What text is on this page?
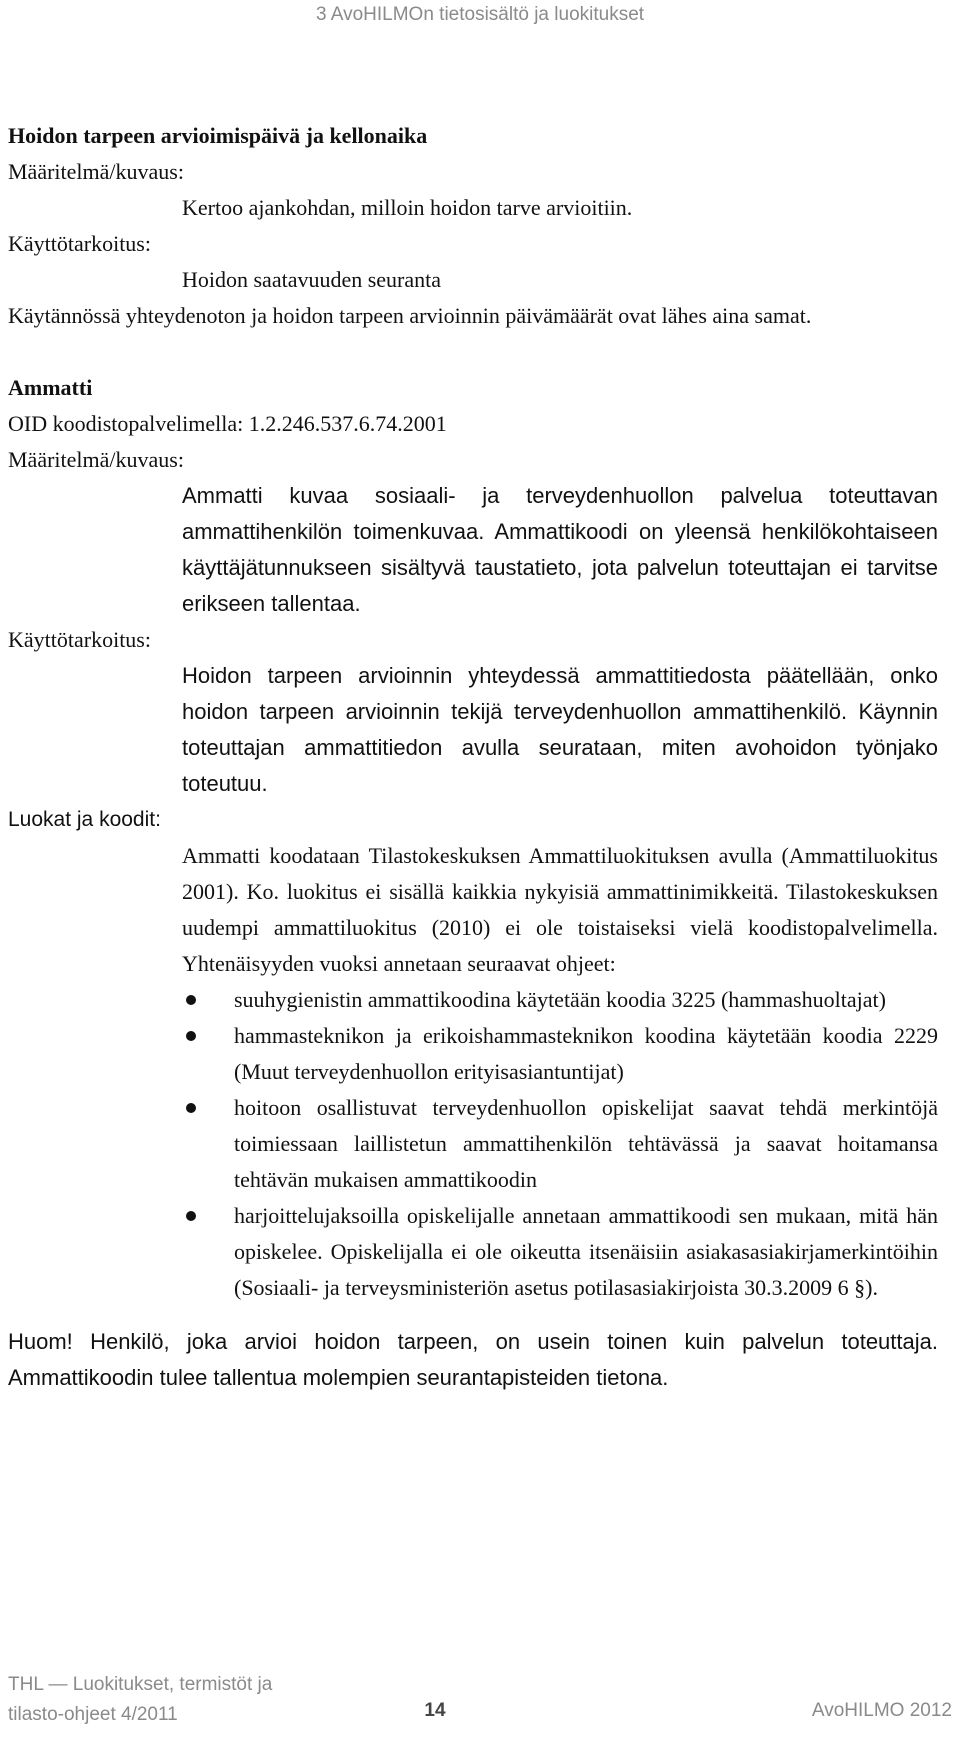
3 AvoHILMOn tietosisältö ja luokitukset

Hoidon tarpeen arvioimispäivä ja kellonaika

Määritelmä/kuvaus:

Kertoo ajankohdan, milloin hoidon tarve arvioitiin.

Käyttötarkoitus:

Hoidon saatavuuden seuranta

Käytännössä yhteydenoton ja hoidon tarpeen arvioinnin päivämäärät ovat lähes aina samat.

Ammatti

OID koodistopalvelimella: 1.2.246.537.6.74.2001

Määritelmä/kuvaus:

Ammatti kuvaa sosiaali- ja terveydenhuollon palvelua toteuttavan ammattihenkilön toimenkuvaa. Ammattikoodi on yleensä henkilökohtaiseen käyttäjätunnukseen sisältyvä taustatieto, jota palvelun toteuttajan ei tarvitse erikseen tallentaa.

Käyttötarkoitus:

Hoidon tarpeen arvioinnin yhteydessä ammattitiedosta päätellään, onko hoidon tarpeen arvioinnin tekijä terveydenhuollon ammattihenkilö. Käynnin toteuttajan ammattitiedon avulla seurataan, miten avohoidon työnjako toteutuu.

Luokat ja koodit:

Ammatti koodataan Tilastokeskuksen Ammattiluokituksen avulla (Ammattiluokitus 2001). Ko. luokitus ei sisällä kaikkia nykyisiä ammattinimikkeitä. Tilastokeskuksen uudempi ammattiluokitus (2010) ei ole toistaiseksi vielä koodistopalvelimella. Yhtenäisyyden vuoksi annetaan seuraavat ohjeet:

suuhygienistin ammattikoodina käytetään koodia 3225 (hammashuoltajat)
hammasteknikon ja erikoishammasteknikon koodina käytetään koodia 2229 (Muut terveydenhuollon erityisasiantuntijat)
hoitoon osallistuvat terveydenhuollon opiskelijat saavat tehdä merkintöjä toimiessaan laillistetun ammattihenkilön tehtävässä ja saavat hoitamansa tehtävän mukaisen ammattikoodin
harjoittelujaksoilla opiskelijalle annetaan ammattikoodi sen mukaan, mitä hän opiskelee. Opiskelijalla ei ole oikeutta itsenäisiin asiakasasiakirjamerkintöihin (Sosiaali- ja terveysministeriön asetus potilasasiakirjoista 30.3.2009 6 §).

Huom! Henkilö, joka arvioi hoidon tarpeen, on usein toinen kuin palvelun toteuttaja. Ammattikoodin tulee tallentua molempien seurantapisteiden tietona.

THL — Luokitukset, termistöt ja
tilasto-ohjeet 4/2011	14	AvoHILMO 2012
